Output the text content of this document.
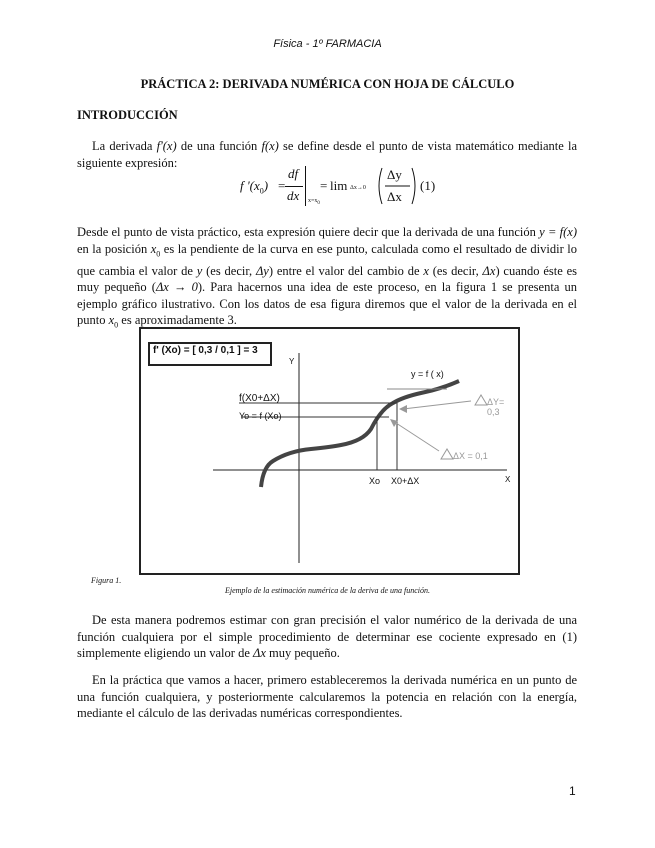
Física - 1º FARMACIA
PRÁCTICA 2: DERIVADA NUMÉRICA CON HOJA DE CÁLCULO
INTRODUCCIÓN
La derivada f'(x) de una función f(x) se define desde el punto de vista matemático mediante la siguiente expresión:
f '$(x_0)$ =
df
dx $x=x_0$
= lim Δx→0
Δy
Δx
(1)
Desde el punto de vista práctico, esta expresión quiere decir que la derivada de una función y = f(x) en la posición $x_0$ es la pendiente de la curva en ese punto, calculada como el resultado de dividir lo que cambia el valor de y (es decir, Δy) entre el valor del cambio de x (es decir, Δx) cuando éste es muy pequeño (Δx → 0). Para hacernos una idea de este proceso, en la figura 1 se presenta un ejemplo gráfico ilustrativo. Con los datos de esa figura diremos que el valor de la derivada en el punto $x_0$ es aproximadamente 3.
f' (Xo) = [ 0,3 / 0,1 ] = 3
Y
X
y = f ( x)
f(X0+ΔX)
Yo = f (Xo)
ΔY= 0,3
ΔX = 0,1
Xo X0+ΔX
Figura 1.
Ejemplo de la estimación numérica de la deriva de una función.
De esta manera podremos estimar con gran precisión el valor numérico de la derivada de una función cualquiera por el simple procedimiento de determinar ese cociente expresado en (1) simplemente eligiendo un valor de Δx muy pequeño.
En la práctica que vamos a hacer, primero estableceremos la derivada numérica en un punto de una función cualquiera, y posteriormente calcularemos la potencia en relación con la energía, mediante el cálculo de las derivadas numéricas correspondientes.
1
